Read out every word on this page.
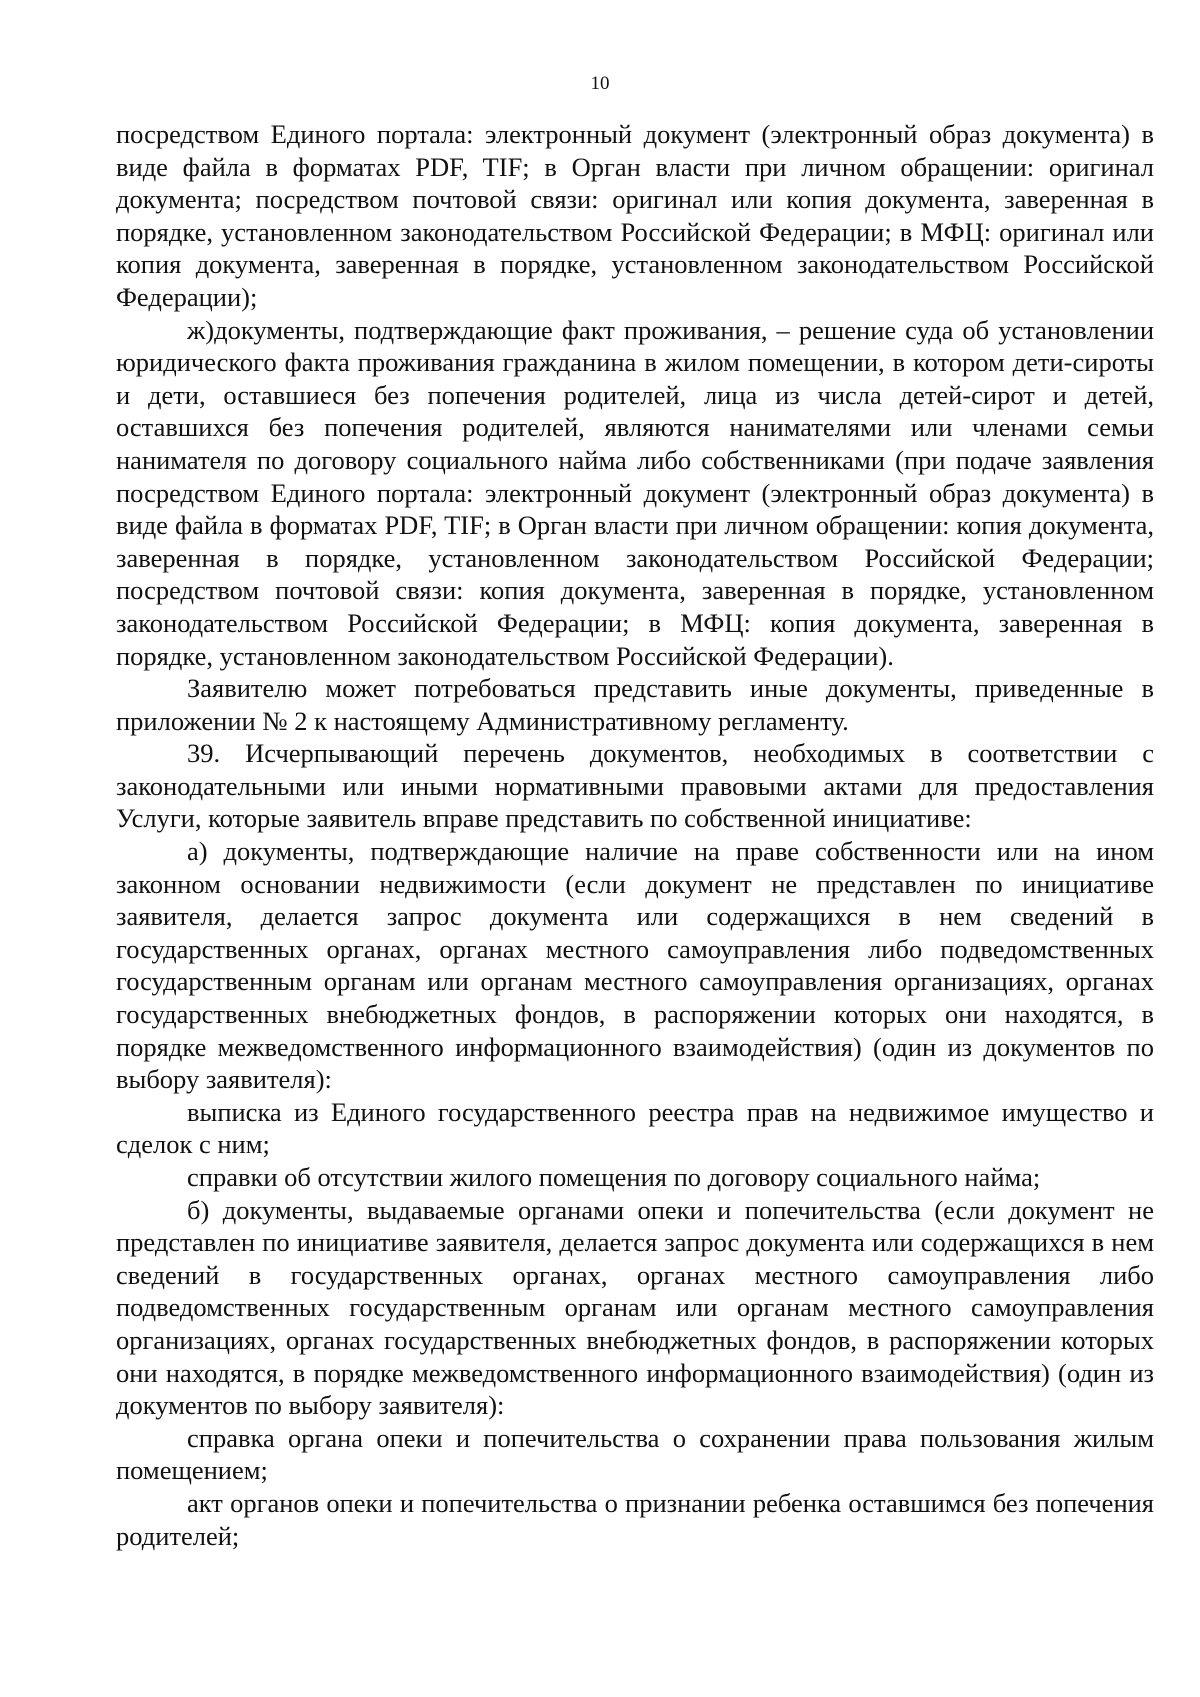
10

посредством Единого портала: электронный документ (электронный образ документа) в виде файла в форматах PDF, TIF; в Орган власти при личном обращении: оригинал документа; посредством почтовой связи: оригинал или копия документа, заверенная в порядке, установленном законодательством Российской Федерации; в МФЦ: оригинал или копия документа, заверенная в порядке, установленном законодательством Российской Федерации);

ж)документы, подтверждающие факт проживания, – решение суда об установлении юридического факта проживания гражданина в жилом помещении, в котором дети-сироты и дети, оставшиеся без попечения родителей, лица из числа детей-сирот и детей, оставшихся без попечения родителей, являются нанимателями или членами семьи нанимателя по договору социального найма либо собственниками (при подаче заявления посредством Единого портала: электронный документ (электронный образ документа) в виде файла в форматах PDF, TIF; в Орган власти при личном обращении: копия документа, заверенная в порядке, установленном законодательством Российской Федерации; посредством почтовой связи: копия документа, заверенная в порядке, установленном законодательством Российской Федерации; в МФЦ: копия документа, заверенная в порядке, установленном законодательством Российской Федерации).

Заявителю может потребоваться представить иные документы, приведенные в приложении № 2 к настоящему Административному регламенту.

39. Исчерпывающий перечень документов, необходимых в соответствии с законодательными или иными нормативными правовыми актами для предоставления Услуги, которые заявитель вправе представить по собственной инициативе:

а) документы, подтверждающие наличие на праве собственности или на ином законном основании недвижимости (если документ не представлен по инициативе заявителя, делается запрос документа или содержащихся в нем сведений в государственных органах, органах местного самоуправления либо подведомственных государственным органам или органам местного самоуправления организациях, органах государственных внебюджетных фондов, в распоряжении которых они находятся, в порядке межведомственного информационного взаимодействия) (один из документов по выбору заявителя):

выписка из Единого государственного реестра прав на недвижимое имущество и сделок с ним;

справки об отсутствии жилого помещения по договору социального найма;

б) документы, выдаваемые органами опеки и попечительства (если документ не представлен по инициативе заявителя, делается запрос документа или содержащихся в нем сведений в государственных органах, органах местного самоуправления либо подведомственных государственным органам или органам местного самоуправления организациях, органах государственных внебюджетных фондов, в распоряжении которых они находятся, в порядке межведомственного информационного взаимодействия) (один из документов по выбору заявителя):

справка органа опеки и попечительства о сохранении права пользования жилым помещением;

акт органов опеки и попечительства о признании ребенка оставшимся без попечения родителей;
